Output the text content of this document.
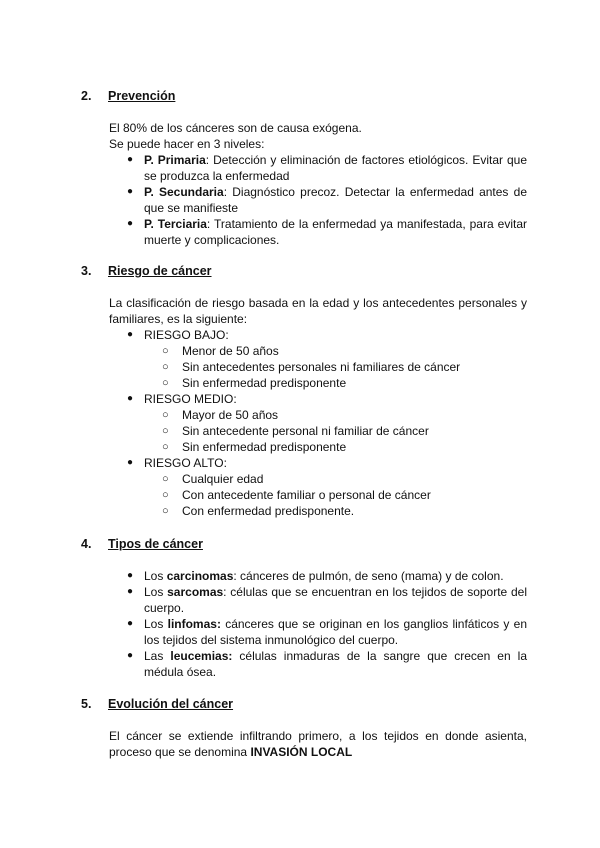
2. Prevención
El 80% de los cánceres son de causa exógena.
Se puede hacer en 3 niveles:
● P. Primaria: Detección y eliminación de factores etiológicos. Evitar que
se produzca la enfermedad
● P. Secundaria: Diagnóstico precoz. Detectar la enfermedad antes de
que se manifieste
● P. Terciaria: Tratamiento de la enfermedad ya manifestada, para evitar
muerte y complicaciones.
3. Riesgo de cáncer
La clasificación de riesgo basada en la edad y los antecedentes personales y
familiares, es la siguiente:
● RIESGO BAJO:
○ Menor de 50 años
○ Sin antecedentes personales ni familiares de cáncer
○ Sin enfermedad predisponente
● RIESGO MEDIO:
○ Mayor de 50 años
○ Sin antecedente personal ni familiar de cáncer
○ Sin enfermedad predisponente
● RIESGO ALTO:
○ Cualquier edad
○ Con antecedente familiar o personal de cáncer
○ Con enfermedad predisponente.
4. Tipos de cáncer
● Los carcinomas: cánceres de pulmón, de seno (mama) y de colon.
● Los sarcomas: células que se encuentran en los tejidos de soporte del
cuerpo.
● Los linfomas: cánceres que se originan en los ganglios linfáticos y en
los tejidos del sistema inmunológico del cuerpo.
● Las leucemias: células inmaduras de la sangre que crecen en la
médula ósea.
5. Evolución del cáncer
El cáncer se extiende infiltrando primero, a los tejidos en donde asienta,
proceso que se denomina INVASIÓN LOCAL
